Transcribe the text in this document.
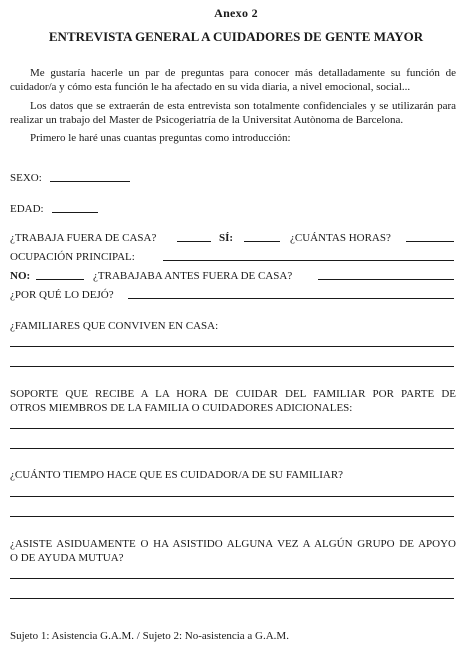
Anexo 2
ENTREVISTA GENERAL A CUIDADORES DE GENTE MAYOR
Me gustaría hacerle un par de preguntas para conocer más detalladamente su función de cuidador/a y cómo esta función le ha afectado en su vida diaria, a nivel emocional, social...
Los datos que se extraerán de esta entrevista son totalmente confidenciales y se utilizarán para realizar un trabajo del Master de Psicogeriatría de la Universitat Autònoma de Barcelona.
Primero le haré unas cuantas preguntas como introducción:
SEXO:
EDAD:
¿TRABAJA FUERA DE CASA?	SÍ:	¿CUÁNTAS HORAS?
OCUPACIÓN PRINCIPAL:
NO:	¿TRABAJABA ANTES FUERA DE CASA?
¿POR QUÉ LO DEJÓ?
¿FAMILIARES QUE CONVIVEN EN CASA:
SOPORTE QUE RECIBE A LA HORA DE CUIDAR DEL FAMILIAR POR PARTE DE
OTROS MIEMBROS DE LA FAMILIA O CUIDADORES ADICIONALES:
¿CUÁNTO TIEMPO HACE QUE ES CUIDADOR/A DE SU FAMILIAR?
¿ASISTE ASIDUAMENTE O HA ASISTIDO ALGUNA VEZ A ALGÚN GRUPO DE APOYO
O DE AYUDA MUTUA?
Sujeto 1: Asistencia G.A.M. / Sujeto 2: No-asistencia a G.A.M.
